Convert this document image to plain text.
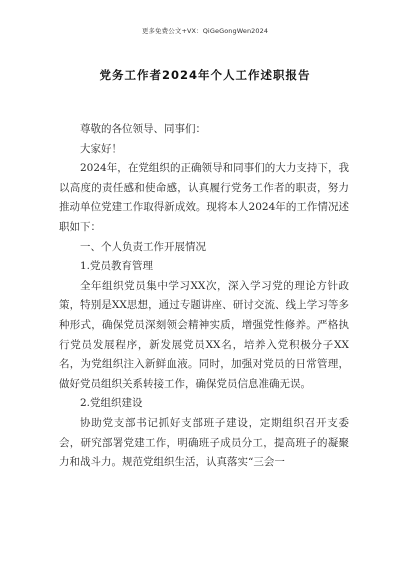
更多免费公文+VX：QiGeGongWen2024
党务工作者2024年个人工作述职报告

尊敬的各位领导、同事们：

大家好！

2024年，在党组织的正确领导和同事们的大力支持下，我以高度的责任感和使命感，认真履行党务工作者的职责，努力推动单位党建工作取得新成效。现将本人2024年的工作情况述职如下：

一、个人负责工作开展情况

1.党员教育管理

全年组织党员集中学习XX次，深入学习党的理论方针政策，特别是XX思想，通过专题讲座、研讨交流、线上学习等多种形式，确保党员深刻领会精神实质，增强党性修养。严格执行党员发展程序，新发展党员XX名，培养入党积极分子XX名，为党组织注入新鲜血液。同时，加强对党员的日常管理，做好党员组织关系转接工作，确保党员信息准确无误。

2.党组织建设

协助党支部书记抓好支部班子建设，定期组织召开支委会，研究部署党建工作，明确班子成员分工，提高班子的凝聚力和战斗力。规范党组织生活，认真落实“三会一
